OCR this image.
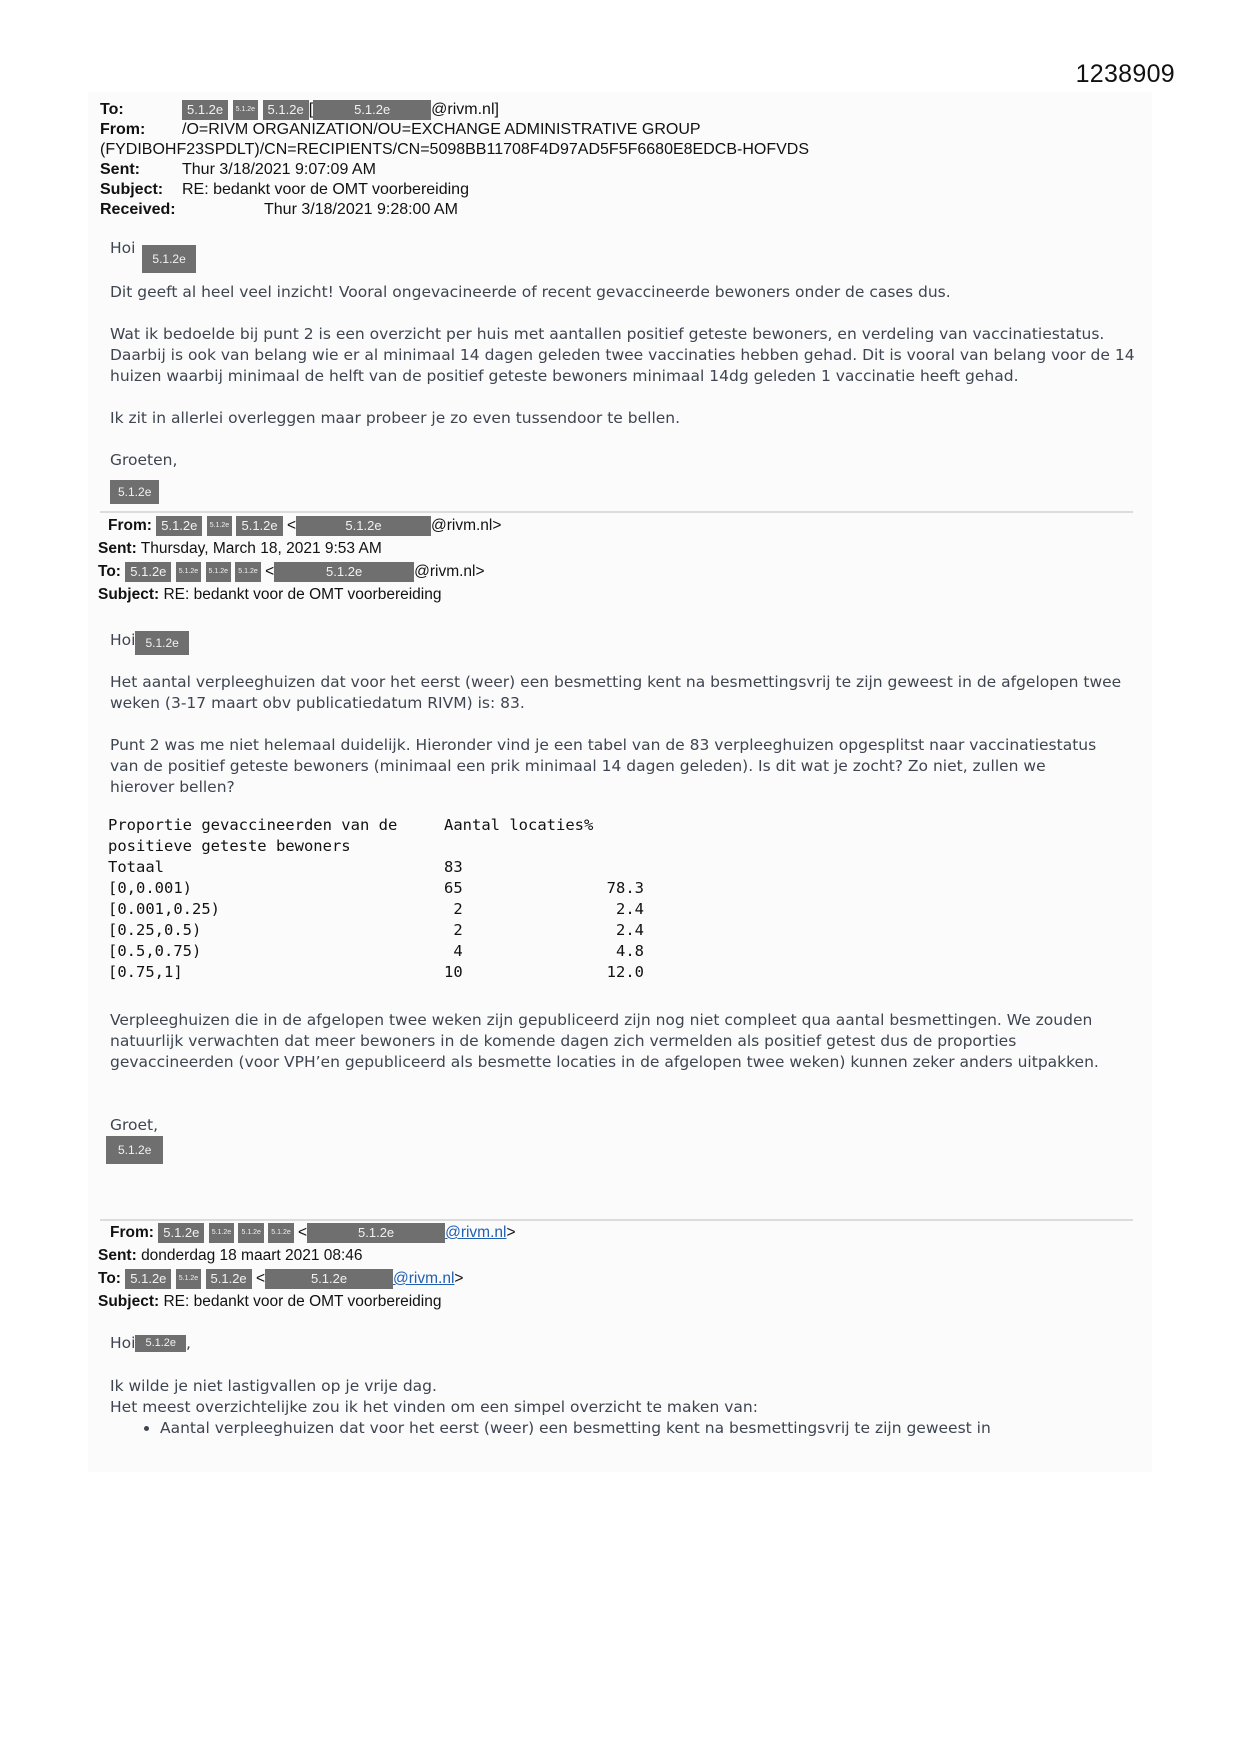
1238909
To:	5.1.2e 5.1.2e 5.1.2e [	5.1.2e	@rivm.nl]
From: /O=RIVM ORGANIZATION/OU=EXCHANGE ADMINISTRATIVE GROUP
(FYDIBOHF23SPDLT)/CN=RECIPIENTS/CN=5098BB11708F4D97AD5F5F6680E8EDCB-HOFVDS
Sent:	Thur 3/18/2021 9:07:09 AM
Subject: RE: bedankt voor de OMT voorbereiding
Received:	Thur 3/18/2021 9:28:00 AM
Hoi 5.1.2e

Dit geeft al heel veel inzicht! Vooral ongevacineerde of recent gevaccineerde bewoners onder de cases dus.

Wat ik bedoelde bij punt 2 is een overzicht per huis met aantallen positief geteste bewoners, en verdeling van vaccinatiestatus. Daarbij is ook van belang wie er al minimaal 14 dagen geleden twee vaccinaties hebben gehad. Dit is vooral van belang voor de 14 huizen waarbij minimaal de helft van de positief geteste bewoners minimaal 14dg geleden 1 vaccinatie heeft gehad.

Ik zit in allerlei overleggen maar probeer je zo even tussendoor te bellen.

Groeten,

5.1.2e
From: 5.1.2e 5.1.2e 5.1.2e <	5.1.2e	@rivm.nl>
Sent: Thursday, March 18, 2021 9:53 AM
To: 5.1.2e 5.1.2e 5.1.2e 5.1.2e <	5.1.2e	@rivm.nl>
Subject: RE: bedankt voor de OMT voorbereiding
Hoi 5.1.2e

Het aantal verpleeghuizen dat voor het eerst (weer) een besmetting kent na besmettingsvrij te zijn geweest in de afgelopen twee weken (3-17 maart obv publicatiedatum RIVM) is: 83.

Punt 2 was me niet helemaal duidelijk. Hieronder vind je een tabel van de 83 verpleeghuizen opgesplitst naar vaccinatiestatus van de positief geteste bewoners (minimaal een prik minimaal 14 dagen geleden). Is dit wat je zocht? Zo niet, zullen we hierover bellen?

Proportie gevaccineerden van de	Aantal locaties	%
positieve geteste bewoners		
Totaal	83	
[0,0.001)	65	78.3
[0.001,0.25)	2	2.4
[0.25,0.5)	2	2.4
[0.5,0.75)	4	4.8
[0.75,1]	10	12.0

Verpleeghuizen die in de afgelopen twee weken zijn gepubliceerd zijn nog niet compleet qua aantal besmettingen. We zouden natuurlijk verwachten dat meer bewoners in de komende dagen zich vermelden als positief getest dus de proporties gevaccineerden (voor VPH’en gepubliceerd als besmette locaties in de afgelopen twee weken) kunnen zeker anders uitpakken.

Groet,

5.1.2e
From: 5.1.2e 5.1.2e 5.1.2e 5.1.2e <	5.1.2e	@rivm.nl>
Sent: donderdag 18 maart 2021 08:46
To: 5.1.2e 5.1.2e 5.1.2e <	5.1.2e	@rivm.nl>
Subject: RE: bedankt voor de OMT voorbereiding
Hoi 5.1.2e ,

Ik wilde je niet lastigvallen op je vrije dag.

Het meest overzichtelijke zou ik het vinden om een simpel overzicht te maken van:

• Aantal verpleeghuizen dat voor het eerst (weer) een besmetting kent na besmettingsvrij te zijn geweest in
